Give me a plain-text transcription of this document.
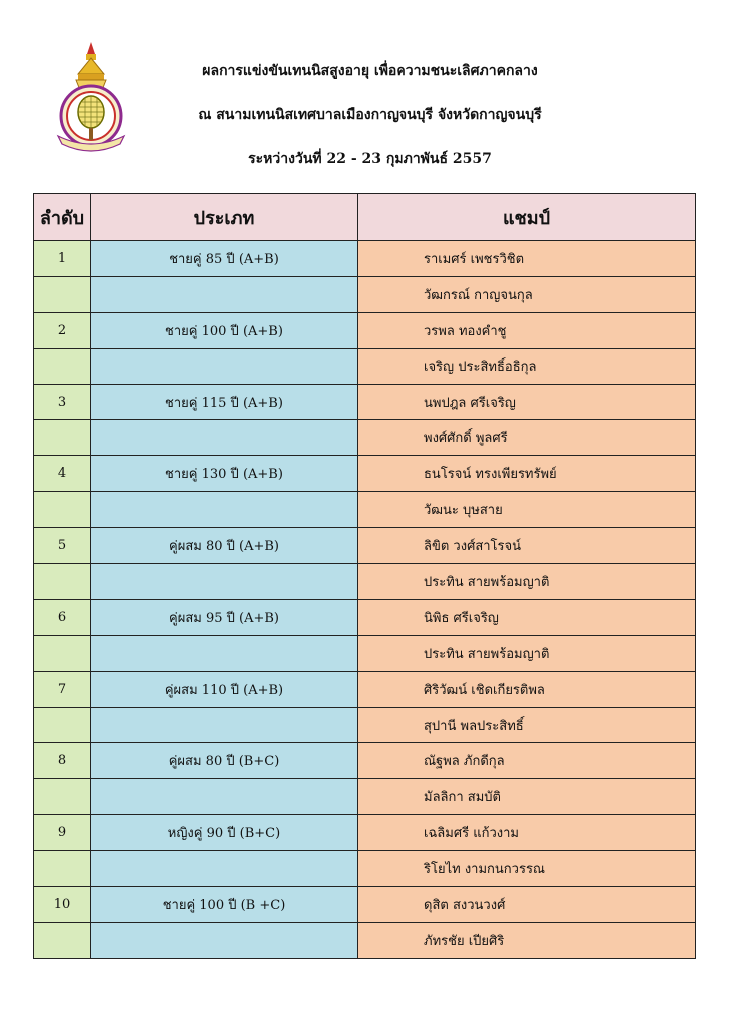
ผลการแข่งขันเทนนิสสูงอายุ เพื่อความชนะเลิศภาคกลาง
ณ สนามเทนนิสเทศบาลเมืองกาญจนบุรี จังหวัดกาญจนบุรี
ระหว่างวันที่ 22 - 23 กุมภาพันธ์ 2557
ลำดับ	ประเภท	แชมป์
1	ชายคู่ 85 ปี (A+B)	ราเมศร์ เพชรวิชิต
		วัฒกรณ์ กาญจนกุล
2	ชายคู่ 100 ปี (A+B)	วรพล ทองคำชู
		เจริญ ประสิทธิ์อธิกุล
3	ชายคู่ 115 ปี (A+B)	นพปฎล ศรีเจริญ
		พงศ์ศักดิ์ พูลศรี
4	ชายคู่ 130 ปี (A+B)	ธนโรจน์ ทรงเพียรทรัพย์
		วัฒนะ บุษสาย
5	คู่ผสม 80 ปี (A+B)	ลิขิต วงศ์สาโรจน์
		ประทิน สายพร้อมญาติ
6	คู่ผสม 95 ปี (A+B)	นิพิธ ศรีเจริญ
		ประทิน สายพร้อมญาติ
7	คู่ผสม 110 ปี (A+B)	ศิริวัฒน์ เชิดเกียรติพล
		สุปานี พลประสิทธิ์
8	คู่ผสม 80 ปี (B+C)	ณัฐพล ภักดีกุล
		มัลลิกา สมบัติ
9	หญิงคู่ 90 ปี (B+C)	เฉลิมศรี แก้วงาม
		ริโยไท งามกนกวรรณ
10	ชายคู่ 100 ปี (B +C)	ดุสิต สงวนวงศ์
		ภัทรชัย เปียศิริ
